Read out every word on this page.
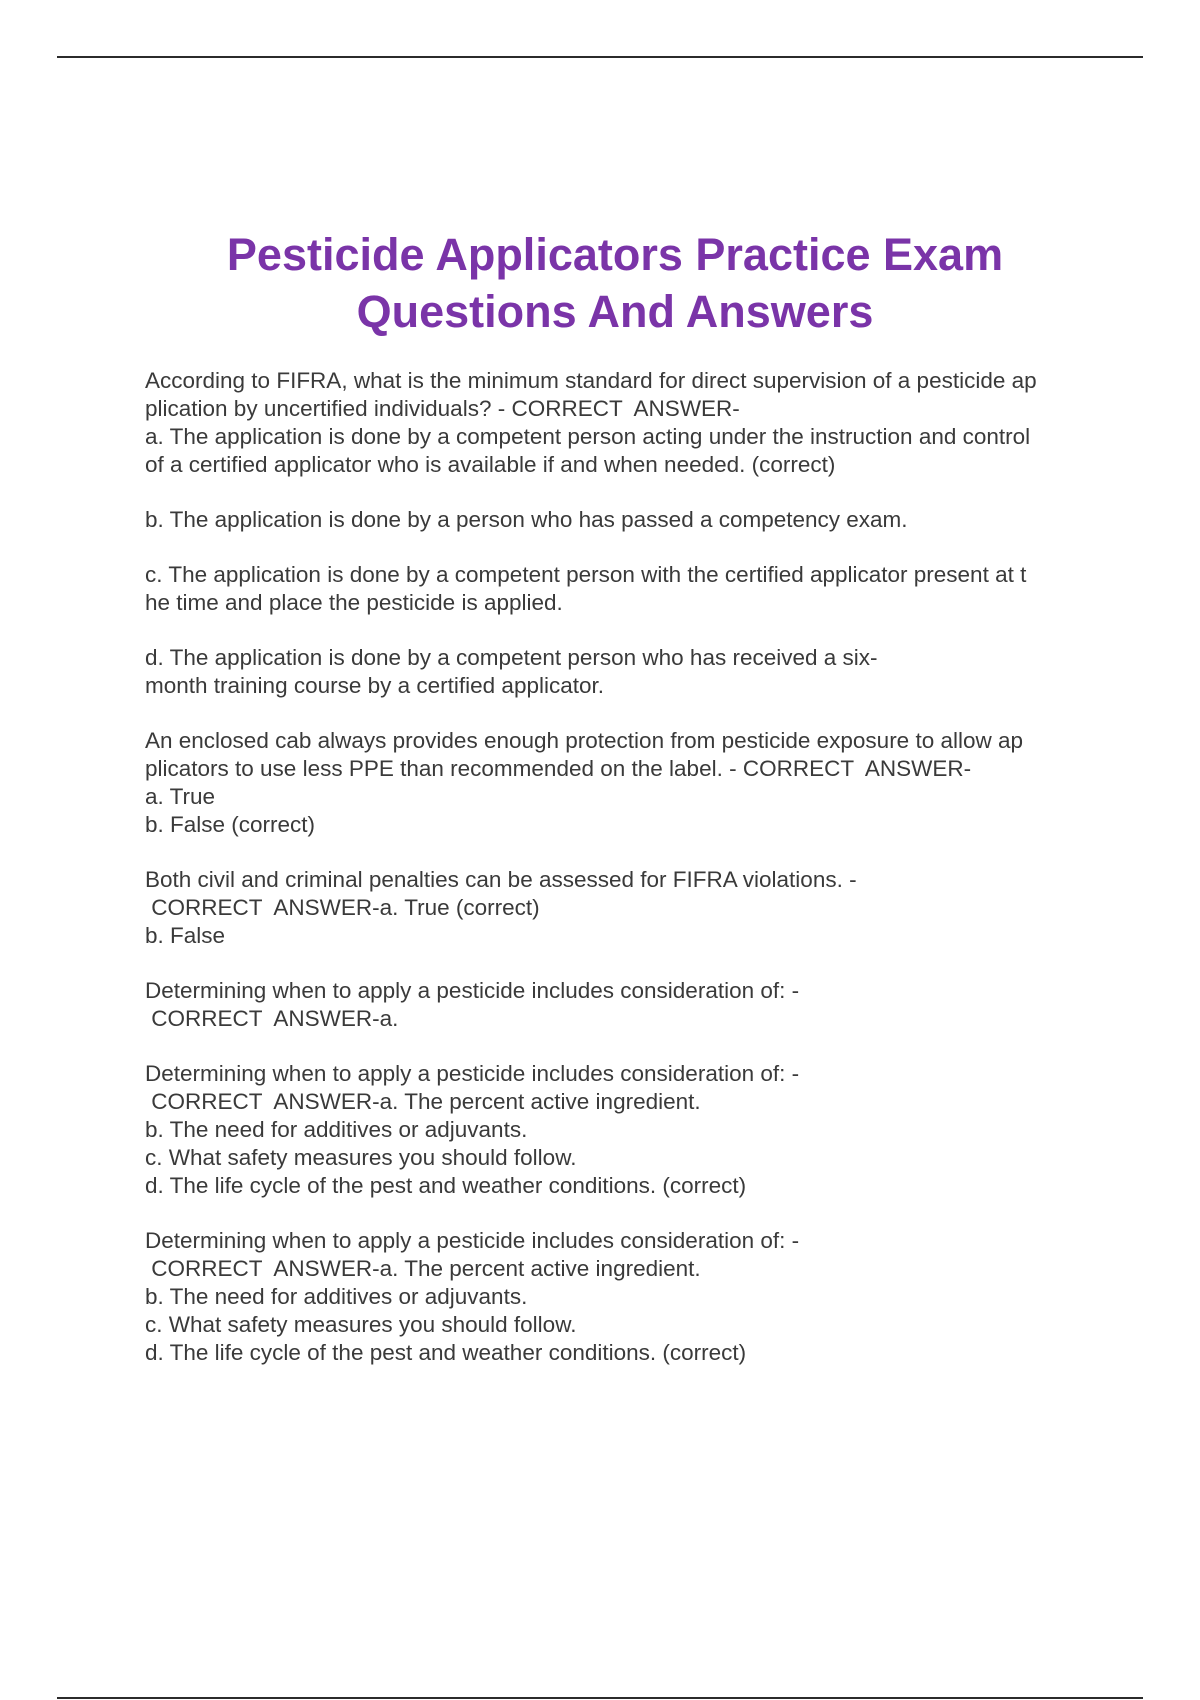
Pesticide Applicators Practice Exam
Questions And Answers

According to FIFRA, what is the minimum standard for direct supervision of a pesticide ap
plication by uncertified individuals? - CORRECT  ANSWER-
a. The application is done by a competent person acting under the instruction and control
of a certified applicator who is available if and when needed. (correct)

b. The application is done by a person who has passed a competency exam.

c. The application is done by a competent person with the certified applicator present at t
he time and place the pesticide is applied.

d. The application is done by a competent person who has received a six-
month training course by a certified applicator.

An enclosed cab always provides enough protection from pesticide exposure to allow ap
plicators to use less PPE than recommended on the label. - CORRECT  ANSWER-
a. True
b. False (correct)

Both civil and criminal penalties can be assessed for FIFRA violations. -
CORRECT  ANSWER-a. True (correct)
b. False

Determining when to apply a pesticide includes consideration of: -
CORRECT  ANSWER-a.

Determining when to apply a pesticide includes consideration of: -
CORRECT  ANSWER-a. The percent active ingredient.
b. The need for additives or adjuvants.
c. What safety measures you should follow.
d. The life cycle of the pest and weather conditions. (correct)

Determining when to apply a pesticide includes consideration of: -
CORRECT  ANSWER-a. The percent active ingredient.
b. The need for additives or adjuvants.
c. What safety measures you should follow.
d. The life cycle of the pest and weather conditions. (correct)
